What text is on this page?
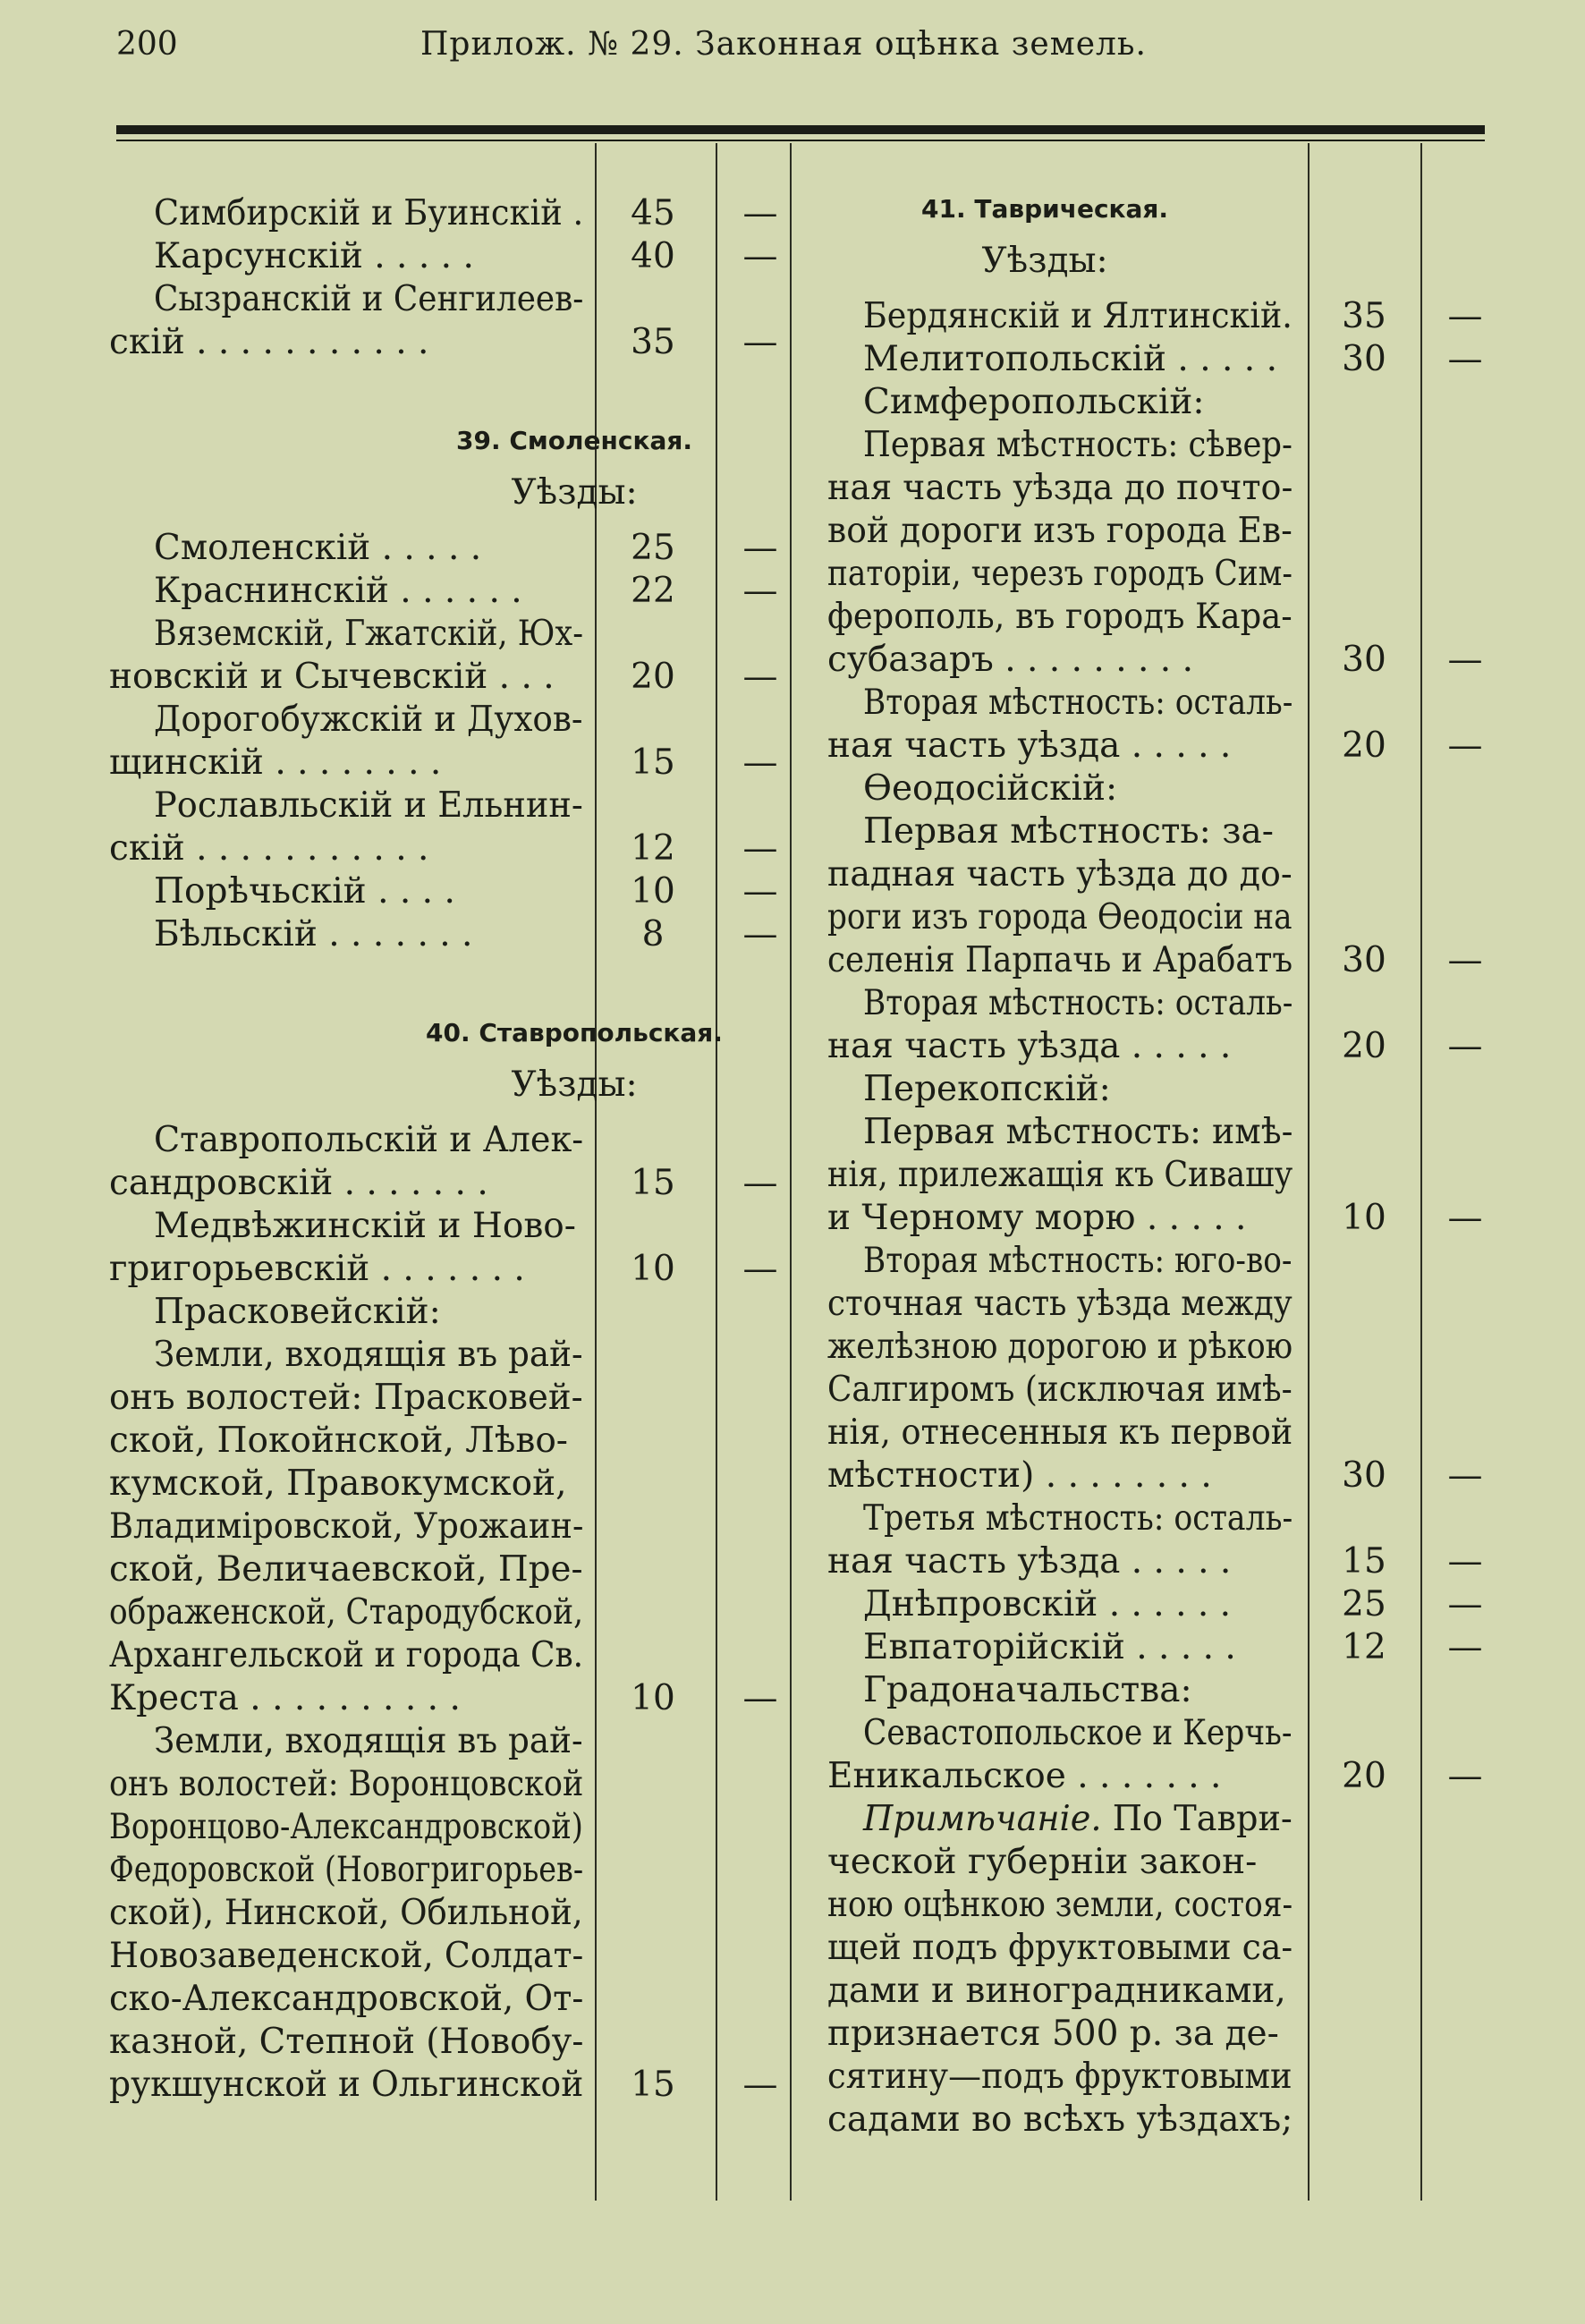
200	Прилож. № 29. Законная оцѣнка земель.
Симбирскій и Буинскій .	45	—
Карсунскій . . . . .	40	—
Сызранскій и Сенгилеев-
скій . . . . . . . . . . .	35	—
39. Смоленская.
Уѣзды:
Смоленскій . . . . .	25	—
Краснинскій . . . . . .	22	—
Вяземскій, Гжатскій, Юх-
новскій и Сычевскій . . .	20	—
Дорогобужскій и Духов-
щинскій . . . . . . . .	15	—
Рославльскій и Ельнин-
скій . . . . . . . . . . .	12	—
Порѣчьскій . . . .	10	—
Бѣльскій . . . . . . .	8	—
40. Ставропольская.
Уѣзды:
Ставропольскій и Алек-
сандровскій . . . . . . .	15	—
Медвѣжинскій и Ново-
григорьевскій . . . . . . .	10	—
Прасковейскій:
Земли, входящія въ рай-
онъ волостей: Прасковей-
ской, Покойнской, Лѣво-
кумской, Правокумской,
Владиміровской, Урожаин-
ской, Величаевской, Пре-
ображенской, Стародубской,
Архангельской и города Св.
Креста . . . . . . . . . .	10	—
Земли, входящія въ рай-
онъ волостей: Воронцовской
Воронцово-Александровской)
Федоровской (Новогригорьев-
ской), Нинской, Обильной,
Новозаведенской, Солдат-
ско-Александровской, От-
казной, Степной (Новобу-
рукшунской и Ольгинской	15	—
41. Таврическая.
Уѣзды:
Бердянскій и Ялтинскій.	35	—
Мелитопольскій . . . . .	30	—
Симферопольскій:
Первая мѣстность: сѣвер-
ная часть уѣзда до почто-
вой дороги изъ города Ев-
паторіи, черезъ городъ Сим-
ферополь, въ городъ Кара-
субазаръ . . . . . . . . .	30	—
Вторая мѣстность: осталь-
ная часть уѣзда . . . . .	20	—
Өеодосійскій:
Первая мѣстность: за-
падная часть уѣзда до до-
роги изъ города Өеодосіи на
селенія Парпачь и Арабатъ	30	—
Вторая мѣстность: осталь-
ная часть уѣзда . . . . .	20	—
Перекопскій:
Первая мѣстность: имѣ-
нія, прилежащія къ Сивашу
и Черному морю . . . . .	10	—
Вторая мѣстность: юго-во-
сточная часть уѣзда между
желѣзною дорогою и рѣкою
Салгиромъ (исключая имѣ-
нія, отнесенныя къ первой
мѣстности) . . . . . . . .	30	—
Третья мѣстность: осталь-
ная часть уѣзда . . . . .	15	—
Днѣпровскій . . . . . .	25	—
Евпаторійскій . . . . .	12	—
Градоначальства:
Севастопольское и Керчь-
Еникальское . . . . . . .	20	—
Примѣчаніе. По Таври-
ческой губерніи закон-
ною оцѣнкою земли, состоя-
щей подъ фруктовыми са-
дами и виноградниками,
признается 500 р. за де-
сятину—подъ фруктовыми
садами во всѣхъ уѣздахъ;
